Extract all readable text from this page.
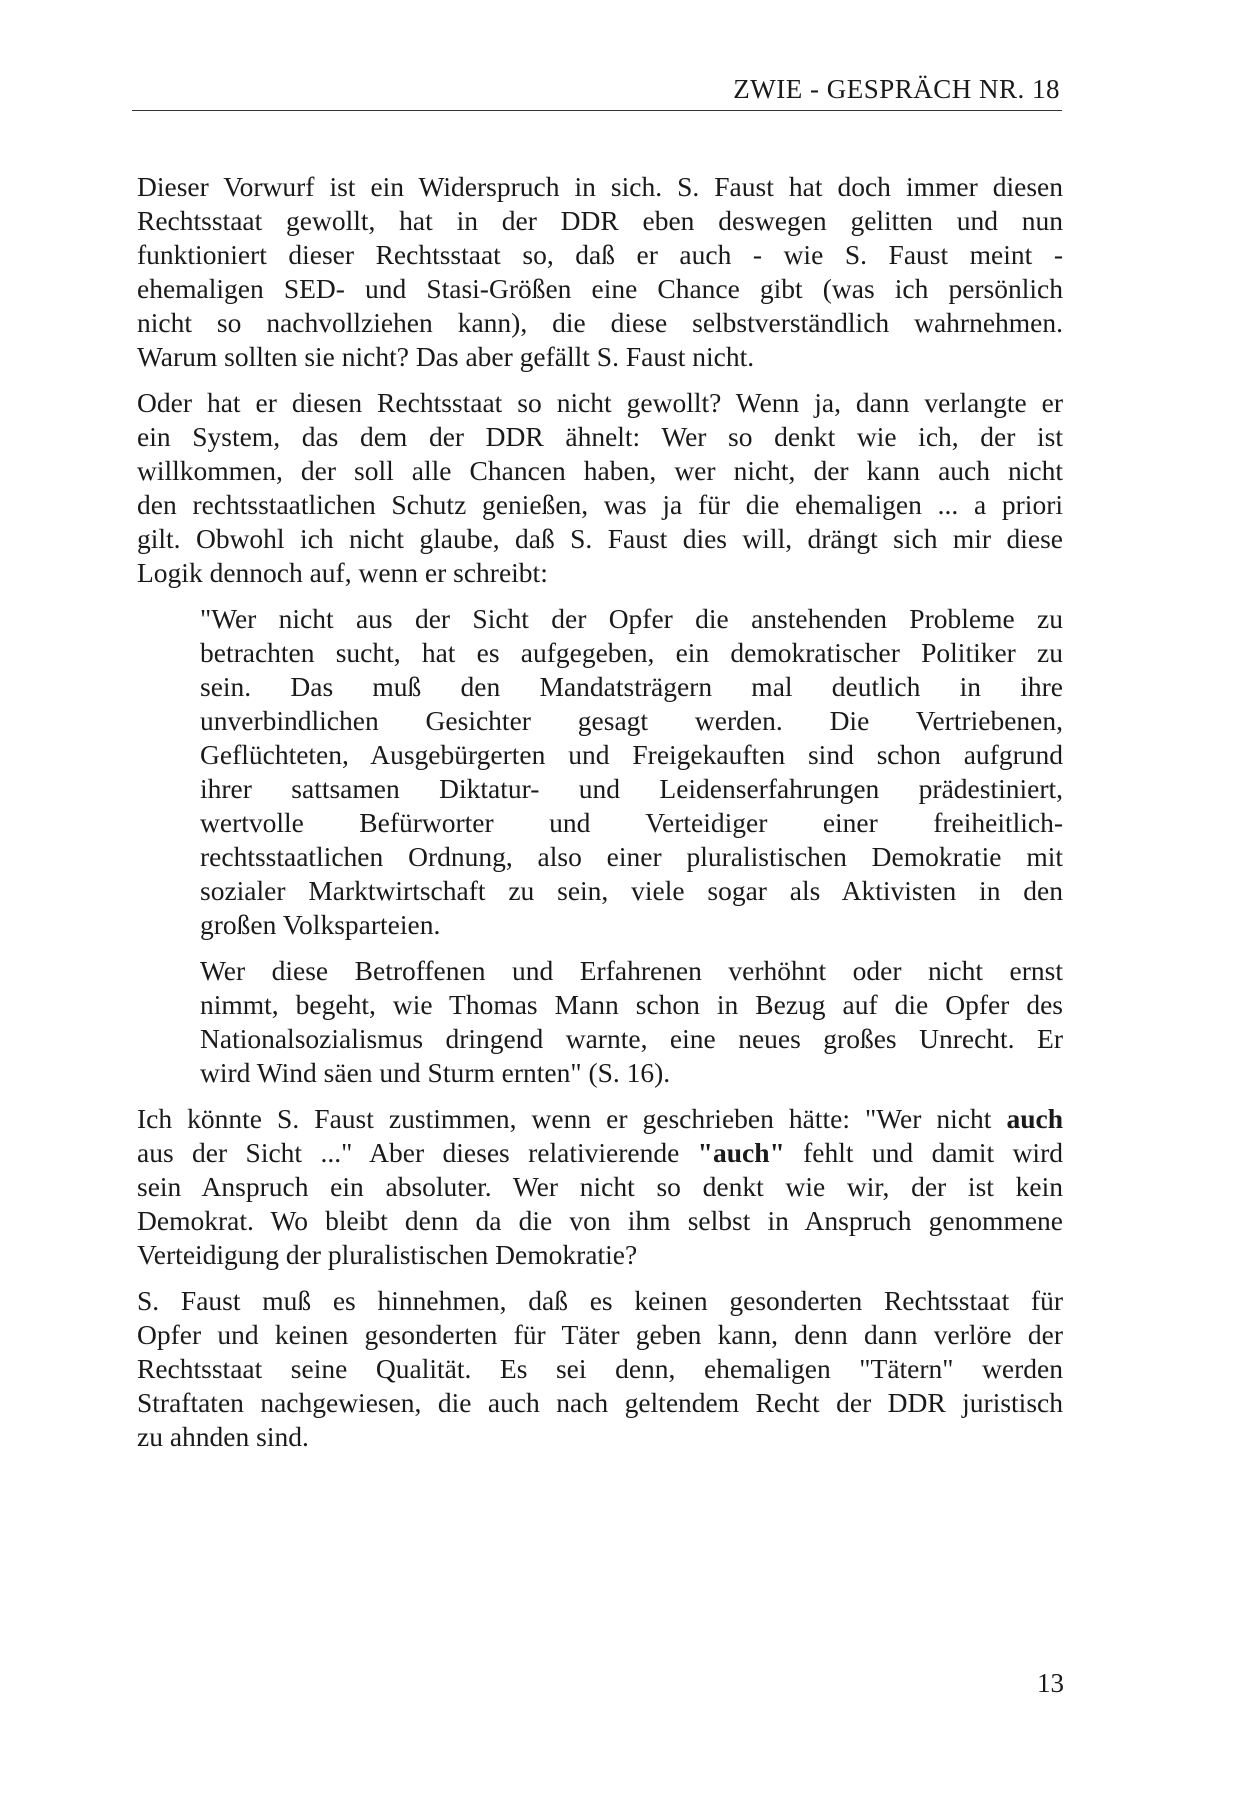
ZWIE - GESPRÄCH NR. 18
Dieser Vorwurf ist ein Widerspruch in sich. S. Faust hat doch immer diesen
Rechtsstaat gewollt, hat in der DDR eben deswegen gelitten und nun
funktioniert dieser Rechtsstaat so, daß er auch - wie S. Faust meint -
ehemaligen SED- und Stasi-Größen eine Chance gibt (was ich persönlich
nicht so nachvollziehen kann), die diese selbstverständlich wahrnehmen.
Warum sollten sie nicht? Das aber gefällt S. Faust nicht.
Oder hat er diesen Rechtsstaat so nicht gewollt? Wenn ja, dann verlangte er
ein System, das dem der DDR ähnelt: Wer so denkt wie ich, der ist
willkommen, der soll alle Chancen haben, wer nicht, der kann auch nicht
den rechtsstaatlichen Schutz genießen, was ja für die ehemaligen ... a priori
gilt. Obwohl ich nicht glaube, daß S. Faust dies will, drängt sich mir diese
Logik dennoch auf, wenn er schreibt:
"Wer nicht aus der Sicht der Opfer die anstehenden Probleme zu
betrachten sucht, hat es aufgegeben, ein demokratischer Politiker zu
sein. Das muß den Mandatsträgern mal deutlich in ihre
unverbindlichen Gesichter gesagt werden. Die Vertriebenen,
Geflüchteten, Ausgebürgerten und Freigekauften sind schon aufgrund
ihrer sattsamen Diktatur- und Leidenserfahrungen prädestiniert,
wertvolle Befürworter und Verteidiger einer freiheitlich-
rechtsstaatlichen Ordnung, also einer pluralistischen Demokratie mit
sozialer Marktwirtschaft zu sein, viele sogar als Aktivisten in den
großen Volksparteien.
Wer diese Betroffenen und Erfahrenen verhöhnt oder nicht ernst
nimmt, begeht, wie Thomas Mann schon in Bezug auf die Opfer des
Nationalsozialismus dringend warnte, eine neues großes Unrecht. Er
wird Wind säen und Sturm ernten" (S. 16).
Ich könnte S. Faust zustimmen, wenn er geschrieben hätte: "Wer nicht auch
aus der Sicht ..." Aber dieses relativierende "auch" fehlt und damit wird
sein Anspruch ein absoluter. Wer nicht so denkt wie wir, der ist kein
Demokrat. Wo bleibt denn da die von ihm selbst in Anspruch genommene
Verteidigung der pluralistischen Demokratie?
S. Faust muß es hinnehmen, daß es keinen gesonderten Rechtsstaat für
Opfer und keinen gesonderten für Täter geben kann, denn dann verlöre der
Rechtsstaat seine Qualität. Es sei denn, ehemaligen "Tätern" werden
Straftaten nachgewiesen, die auch nach geltendem Recht der DDR juristisch
zu ahnden sind.
13
